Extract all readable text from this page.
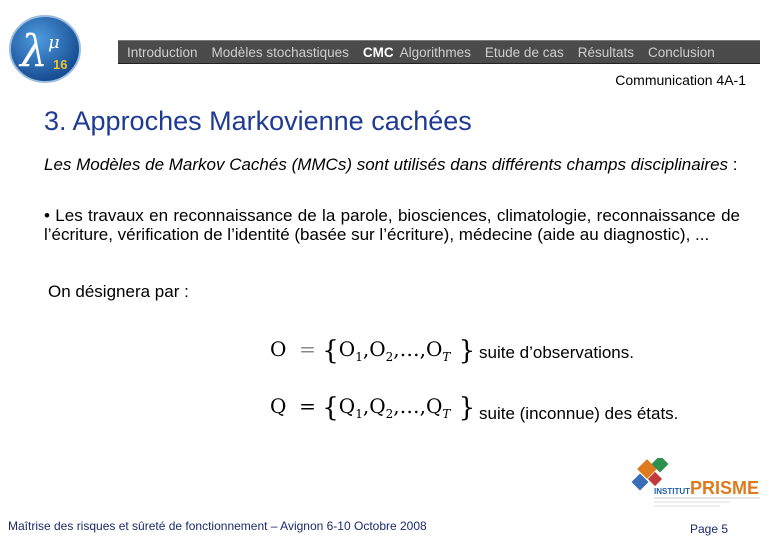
λ μ
16
Introduction Modèles stochastiques CMC Algorithmes Etude de cas Résultats Conclusion
Communication 4A-1
3. Approches Markovienne cachées
Les Modèles de Markov Cachés (MMCs) sont utilisés dans différents champs disciplinaires :
• Les travaux en reconnaissance de la parole, biosciences, climatologie, reconnaissance de l’écriture, vérification de l’identité (basée sur l’écriture), médecine (aide au diagnostic), ...
On désignera par :
$O = \{O_1,O_2,\dots,O_T$ } suite d’observations.
$Q = \{Q_1,Q_2,\dots,Q_T$ } suite (inconnue) des états.
INSTITUT PRISME
Maîtrise des risques et sûreté de fonctionnement – Avignon 6-10 Octobre 2008	Page 5
